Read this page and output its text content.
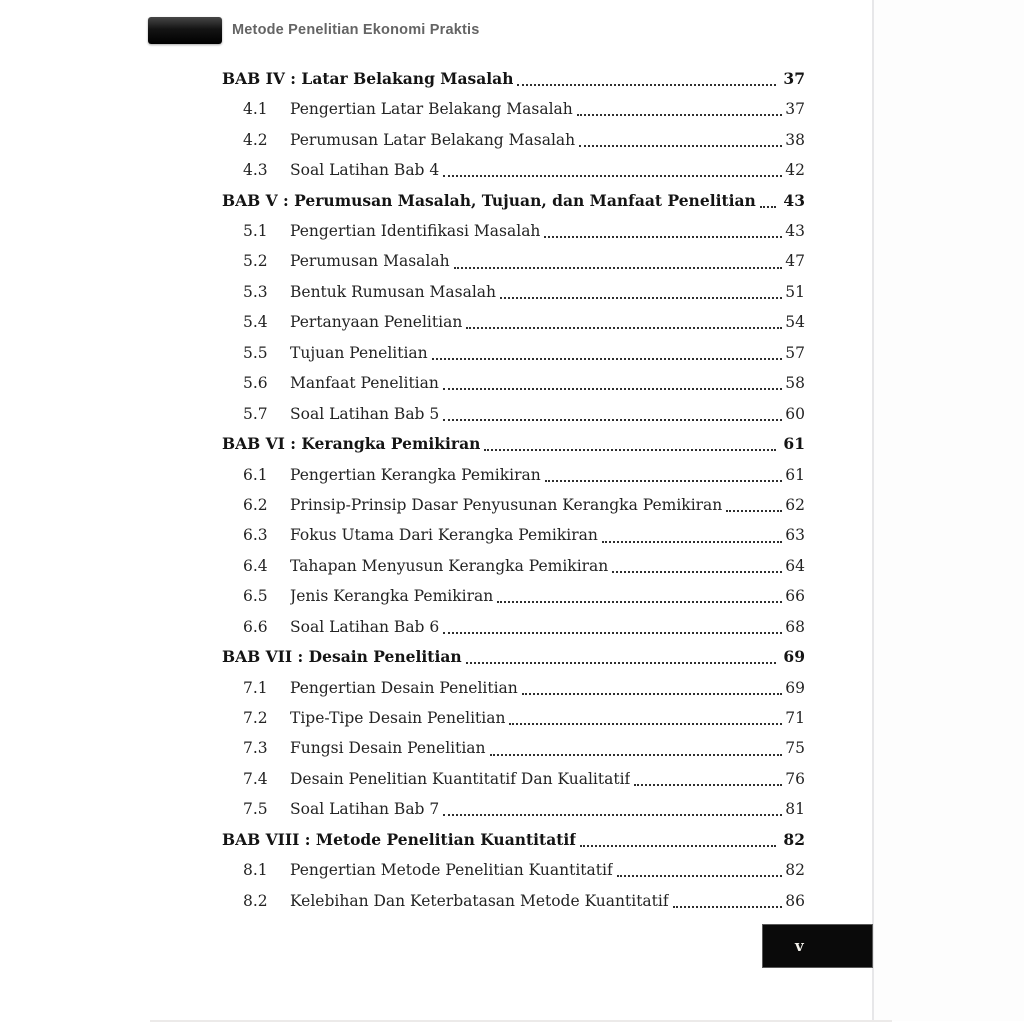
Metode Penelitian Ekonomi Praktis
BAB IV : Latar Belakang Masalah	37
4.1	Pengertian Latar Belakang Masalah	37
4.2	Perumusan Latar Belakang Masalah	38
4.3	Soal Latihan Bab 4	42
BAB V : Perumusan Masalah, Tujuan, dan Manfaat Penelitian 43
5.1	Pengertian Identifikasi Masalah	43
5.2	Perumusan Masalah	47
5.3	Bentuk Rumusan Masalah	51
5.4	Pertanyaan Penelitian	54
5.5	Tujuan Penelitian	57
5.6	Manfaat Penelitian	58
5.7	Soal Latihan Bab 5	60
BAB VI : Kerangka Pemikiran	61
6.1	Pengertian Kerangka Pemikiran	61
6.2	Prinsip-Prinsip Dasar Penyusunan Kerangka Pemikiran	62
6.3	Fokus Utama Dari Kerangka Pemikiran	63
6.4	Tahapan Menyusun Kerangka Pemikiran	64
6.5	Jenis Kerangka Pemikiran	66
6.6	Soal Latihan Bab 6	68
BAB VII : Desain Penelitian	69
7.1	Pengertian Desain Penelitian	69
7.2	Tipe-Tipe Desain Penelitian	71
7.3	Fungsi Desain Penelitian	75
7.4	Desain Penelitian Kuantitatif Dan Kualitatif	76
7.5	Soal Latihan Bab 7	81
BAB VIII : Metode Penelitian Kuantitatif	82
8.1	Pengertian Metode Penelitian Kuantitatif	82
8.2	Kelebihan Dan Keterbatasan Metode Kuantitatif	86
v
